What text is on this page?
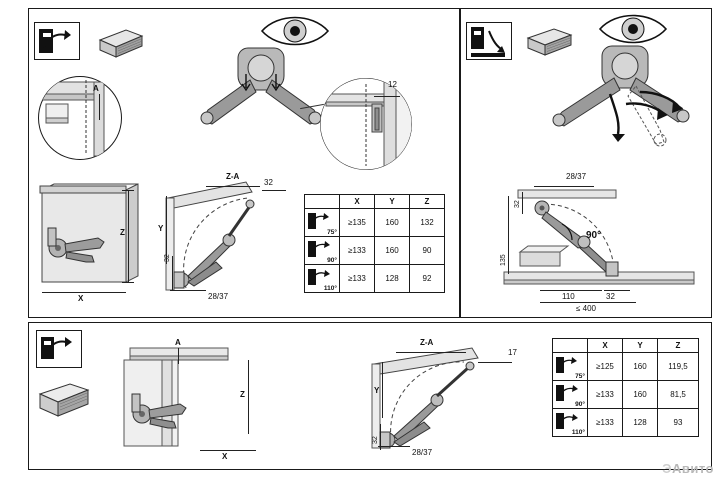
A	12
Z
X
Z-A
32
Y
32
28/37
	X	Y	Z

75°	≥135	160	132

90°	≥133	160	90

110°	≥133	128	92
90°
28/37
32
135
110	32
≤ 400
A
Z
X
Z-A
17
Y
32
28/37
	X	Y	Z

75°	≥125	160	119,5

90°	≥133	160	81,5

110°	≥133	128	93
ЭАвито
